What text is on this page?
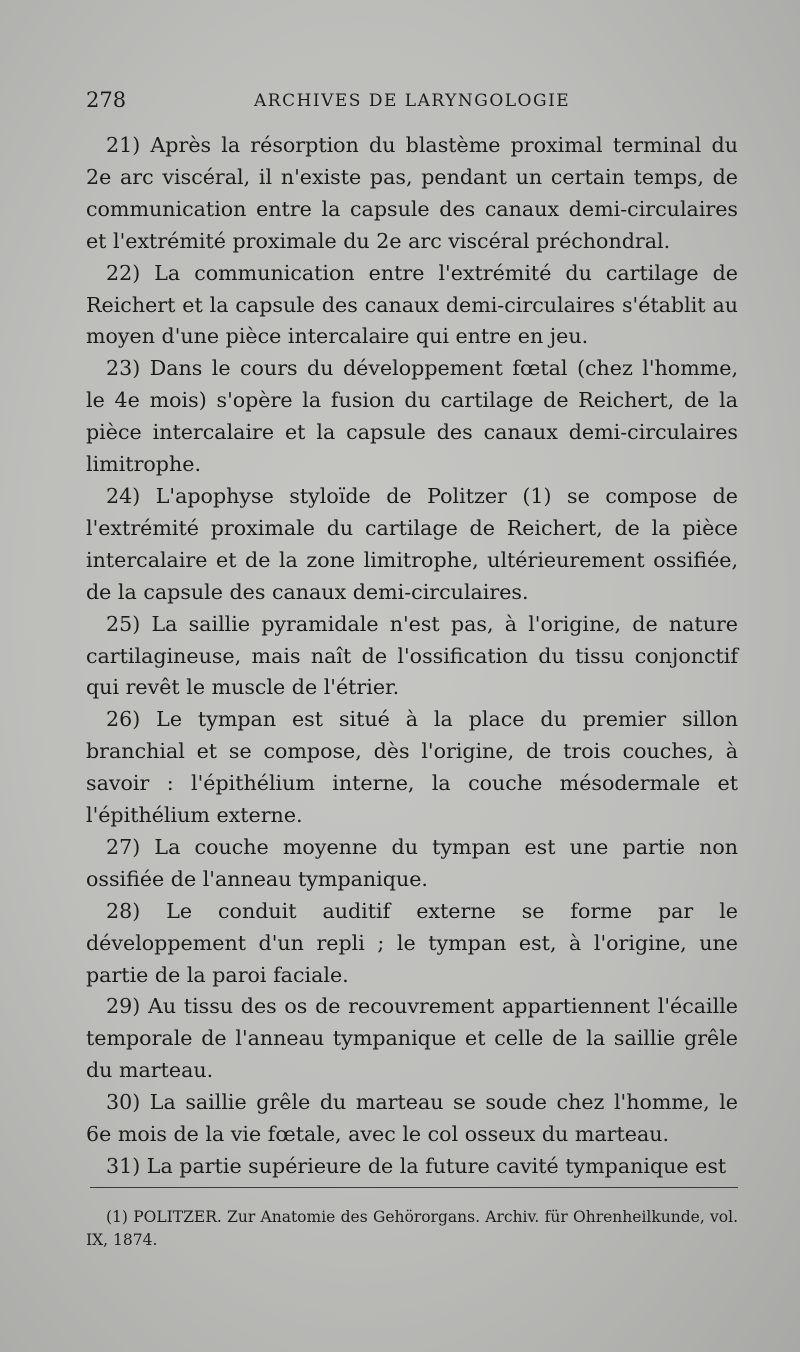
278	ARCHIVES DE LARYNGOLOGIE

21) Après la résorption du blastème proximal terminal du 2e arc viscéral, il n'existe pas, pendant un certain temps, de communication entre la capsule des canaux demi-circulaires et l'extrémité proximale du 2e arc viscéral préchondral.

22) La communication entre l'extrémité du cartilage de Reichert et la capsule des canaux demi-circulaires s'établit au moyen d'une pièce intercalaire qui entre en jeu.

23) Dans le cours du développement fœtal (chez l'homme, le 4e mois) s'opère la fusion du cartilage de Reichert, de la pièce intercalaire et la capsule des canaux demi-circulaires limitrophe.

24) L'apophyse styloïde de Politzer (1) se compose de l'extrémité proximale du cartilage de Reichert, de la pièce intercalaire et de la zone limitrophe, ultérieurement ossifiée, de la capsule des canaux demi-circulaires.

25) La saillie pyramidale n'est pas, à l'origine, de nature cartilagineuse, mais naît de l'ossification du tissu conjonctif qui revêt le muscle de l'étrier.

26) Le tympan est situé à la place du premier sillon branchial et se compose, dès l'origine, de trois couches, à savoir : l'épithélium interne, la couche mésodermale et l'épithélium externe.

27) La couche moyenne du tympan est une partie non ossifiée de l'anneau tympanique.

28) Le conduit auditif externe se forme par le développement d'un repli ; le tympan est, à l'origine, une partie de la paroi faciale.

29) Au tissu des os de recouvrement appartiennent l'écaille temporale de l'anneau tympanique et celle de la saillie grêle du marteau.

30) La saillie grêle du marteau se soude chez l'homme, le 6e mois de la vie fœtale, avec le col osseux du marteau.

31) La partie supérieure de la future cavité tympanique est

(1) POLITZER. Zur Anatomie des Gehörorgans. Archiv. für Ohrenheilkunde, vol. IX, 1874.
